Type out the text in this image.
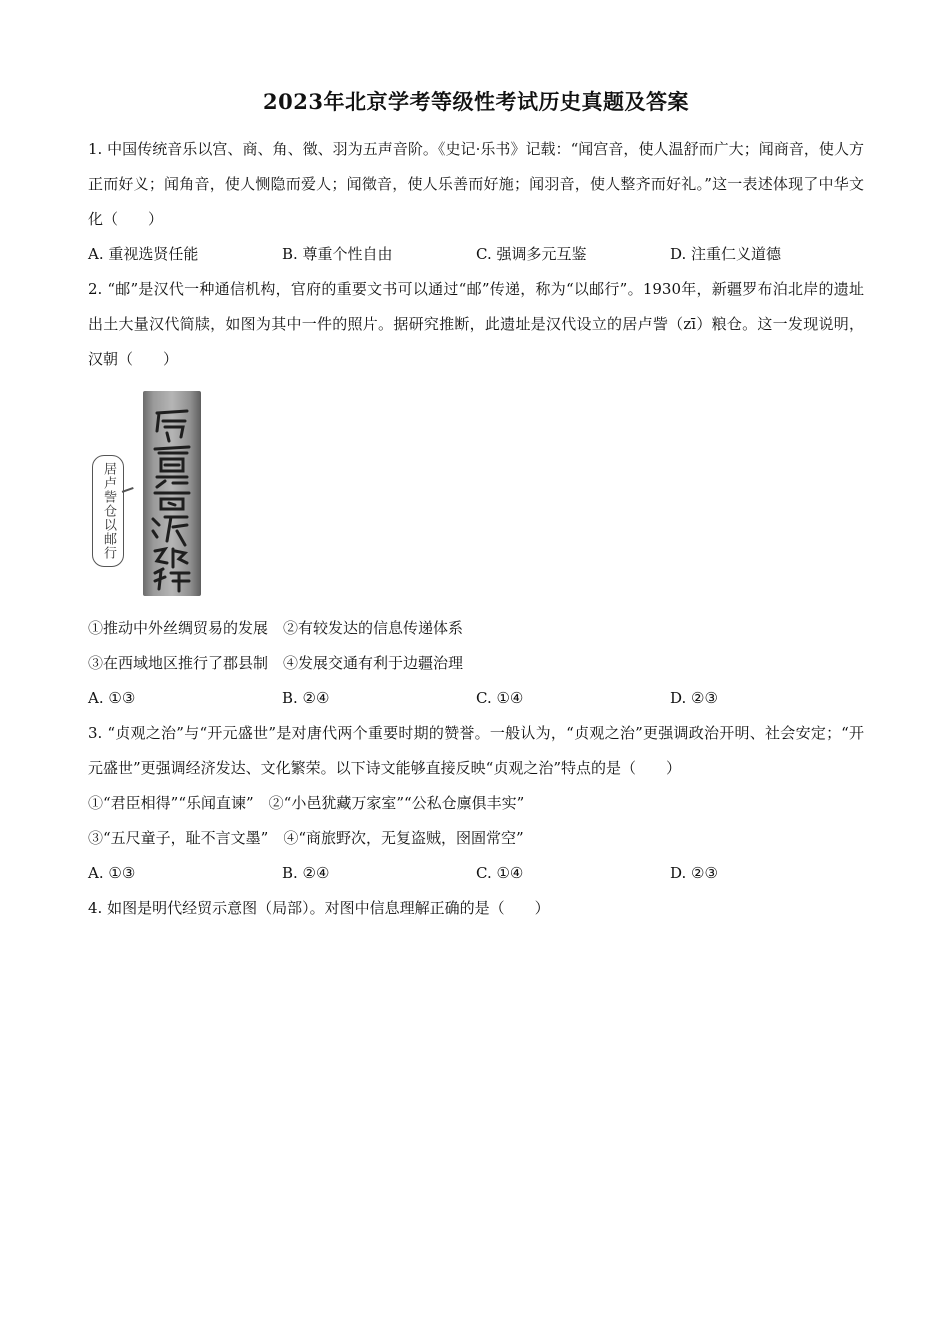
2023年北京学考等级性考试历史真题及答案

1. 中国传统音乐以宫、商、角、徵、羽为五声音阶。《史记·乐书》记载：“闻宫音，使人温舒而广大；闻商音，使人方正而好义；闻角音，使人恻隐而爱人；闻徵音，使人乐善而好施；闻羽音，使人整齐而好礼。”这一表述体现了中华文化（　　）

A. 重视选贤任能	B. 尊重个性自由	C. 强调多元互鉴	D. 注重仁义道德

2. “邮”是汉代一种通信机构，官府的重要文书可以通过“邮”传递，称为“以邮行”。1930年，新疆罗布泊北岸的遗址出土大量汉代简牍，如图为其中一件的照片。据研究推断，此遗址是汉代设立的居卢訾（zī）粮仓。这一发现说明，汉朝（　　）

居卢訾仓以邮行
①推动中外丝绸贸易的发展　②有较发达的信息传递体系
③在西域地区推行了郡县制　④发展交通有利于边疆治理
A. ①③	B. ②④	C. ①④	D. ②③

3. “贞观之治”与“开元盛世”是对唐代两个重要时期的赞誉。一般认为，“贞观之治”更强调政治开明、社会安定；“开元盛世”更强调经济发达、文化繁荣。以下诗文能够直接反映“贞观之治”特点的是（　　）

①“君臣相得”“乐闻直谏”　②“小邑犹藏万家室”“公私仓廪俱丰实”
③“五尺童子，耻不言文墨”　④“商旅野次，无复盗贼，囹圄常空”
A. ①③	B. ②④	C. ①④	D. ②③

4. 如图是明代经贸示意图（局部）。对图中信息理解正确的是（　　）
